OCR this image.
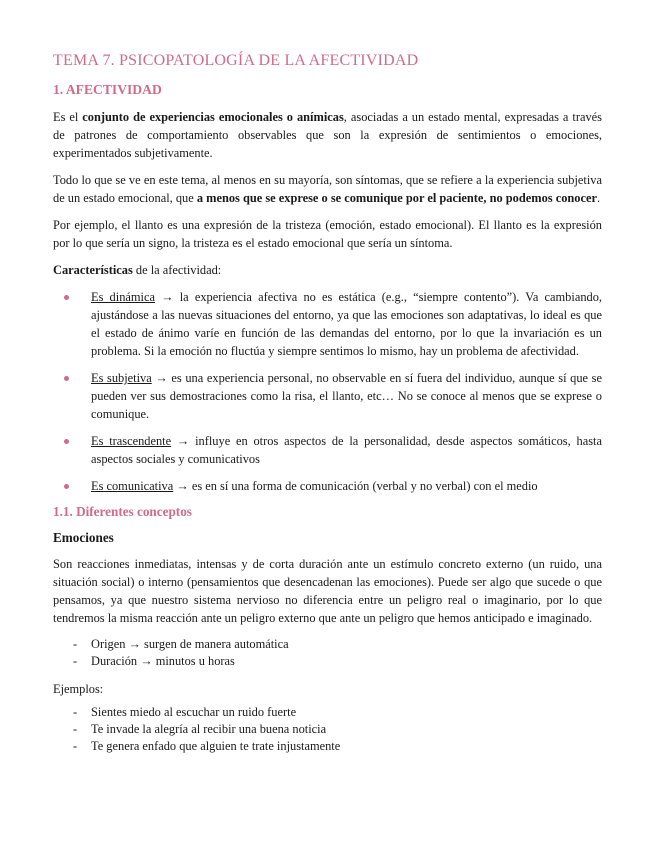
TEMA 7. PSICOPATOLOGÍA DE LA AFECTIVIDAD
1. AFECTIVIDAD

Es el conjunto de experiencias emocionales o anímicas, asociadas a un estado mental, expresadas a través de patrones de comportamiento observables que son la expresión de sentimientos o emociones, experimentados subjetivamente.

Todo lo que se ve en este tema, al menos en su mayoría, son síntomas, que se refiere a la experiencia subjetiva de un estado emocional, que a menos que se exprese o se comunique por el paciente, no podemos conocer.

Por ejemplo, el llanto es una expresión de la tristeza (emoción, estado emocional). El llanto es la expresión por lo que sería un signo, la tristeza es el estado emocional que sería un síntoma.

Características de la afectividad:

Es dinámica → la experiencia afectiva no es estática (e.g., “siempre contento”). Va cambiando, ajustándose a las nuevas situaciones del entorno, ya que las emociones son adaptativas, lo ideal es que el estado de ánimo varíe en función de las demandas del entorno, por lo que la invariación es un problema. Si la emoción no fluctúa y siempre sentimos lo mismo, hay un problema de afectividad.
Es subjetiva → es una experiencia personal, no observable en sí fuera del individuo, aunque sí que se pueden ver sus demostraciones como la risa, el llanto, etc… No se conoce al menos que se exprese o comunique.
Es trascendente → influye en otros aspectos de la personalidad, desde aspectos somáticos, hasta aspectos sociales y comunicativos
Es comunicativa → es en sí una forma de comunicación (verbal y no verbal) con el medio
1.1. Diferentes conceptos
Emociones

Son reacciones inmediatas, intensas y de corta duración ante un estímulo concreto externo (un ruido, una situación social) o interno (pensamientos que desencadenan las emociones). Puede ser algo que sucede o que pensamos, ya que nuestro sistema nervioso no diferencia entre un peligro real o imaginario, por lo que tendremos la misma reacción ante un peligro externo que ante un peligro que hemos anticipado e imaginado.

- Origen → surgen de manera automática
- Duración → minutos u horas

Ejemplos:

- Sientes miedo al escuchar un ruido fuerte
- Te invade la alegría al recibir una buena noticia
- Te genera enfado que alguien te trate injustamente
